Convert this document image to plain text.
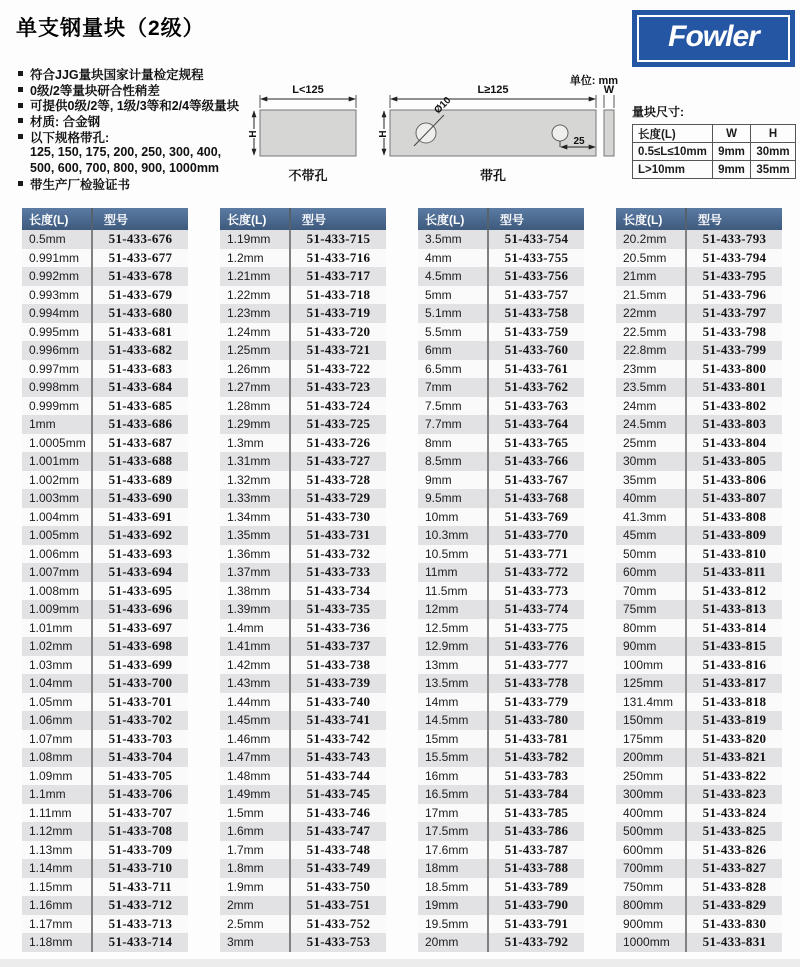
单支钢量块（2级）
符合JJG量块国家计量检定规程
0级/2等量块研合性稍差
可提供0级/2等, 1级/3等和2/4等级量块
材质: 合金钢
以下规格带孔:
125, 150, 175, 200, 250, 300, 400,
500, 600, 700, 800, 900, 1000mm
带生产厂检验证书
单位: mm
L<125
H
不带孔
L≥125
H
Ø10
25
带孔
W
Fowler
量块尺寸:
长度(L)	W	H
0.5≤L≤10mm	9mm	30mm
L>10mm	9mm	35mm
长度(L)	型号
0.5mm	51-433-676
0.991mm	51-433-677
0.992mm	51-433-678
0.993mm	51-433-679
0.994mm	51-433-680
0.995mm	51-433-681
0.996mm	51-433-682
0.997mm	51-433-683
0.998mm	51-433-684
0.999mm	51-433-685
1mm	51-433-686
1.0005mm	51-433-687
1.001mm	51-433-688
1.002mm	51-433-689
1.003mm	51-433-690
1.004mm	51-433-691
1.005mm	51-433-692
1.006mm	51-433-693
1.007mm	51-433-694
1.008mm	51-433-695
1.009mm	51-433-696
1.01mm	51-433-697
1.02mm	51-433-698
1.03mm	51-433-699
1.04mm	51-433-700
1.05mm	51-433-701
1.06mm	51-433-702
1.07mm	51-433-703
1.08mm	51-433-704
1.09mm	51-433-705
1.1mm	51-433-706
1.11mm	51-433-707
1.12mm	51-433-708
1.13mm	51-433-709
1.14mm	51-433-710
1.15mm	51-433-711
1.16mm	51-433-712
1.17mm	51-433-713
1.18mm	51-433-714
长度(L)	型号
1.19mm	51-433-715
1.2mm	51-433-716
1.21mm	51-433-717
1.22mm	51-433-718
1.23mm	51-433-719
1.24mm	51-433-720
1.25mm	51-433-721
1.26mm	51-433-722
1.27mm	51-433-723
1.28mm	51-433-724
1.29mm	51-433-725
1.3mm	51-433-726
1.31mm	51-433-727
1.32mm	51-433-728
1.33mm	51-433-729
1.34mm	51-433-730
1.35mm	51-433-731
1.36mm	51-433-732
1.37mm	51-433-733
1.38mm	51-433-734
1.39mm	51-433-735
1.4mm	51-433-736
1.41mm	51-433-737
1.42mm	51-433-738
1.43mm	51-433-739
1.44mm	51-433-740
1.45mm	51-433-741
1.46mm	51-433-742
1.47mm	51-433-743
1.48mm	51-433-744
1.49mm	51-433-745
1.5mm	51-433-746
1.6mm	51-433-747
1.7mm	51-433-748
1.8mm	51-433-749
1.9mm	51-433-750
2mm	51-433-751
2.5mm	51-433-752
3mm	51-433-753
长度(L)	型号
3.5mm	51-433-754
4mm	51-433-755
4.5mm	51-433-756
5mm	51-433-757
5.1mm	51-433-758
5.5mm	51-433-759
6mm	51-433-760
6.5mm	51-433-761
7mm	51-433-762
7.5mm	51-433-763
7.7mm	51-433-764
8mm	51-433-765
8.5mm	51-433-766
9mm	51-433-767
9.5mm	51-433-768
10mm	51-433-769
10.3mm	51-433-770
10.5mm	51-433-771
11mm	51-433-772
11.5mm	51-433-773
12mm	51-433-774
12.5mm	51-433-775
12.9mm	51-433-776
13mm	51-433-777
13.5mm	51-433-778
14mm	51-433-779
14.5mm	51-433-780
15mm	51-433-781
15.5mm	51-433-782
16mm	51-433-783
16.5mm	51-433-784
17mm	51-433-785
17.5mm	51-433-786
17.6mm	51-433-787
18mm	51-433-788
18.5mm	51-433-789
19mm	51-433-790
19.5mm	51-433-791
20mm	51-433-792
长度(L)	型号
20.2mm	51-433-793
20.5mm	51-433-794
21mm	51-433-795
21.5mm	51-433-796
22mm	51-433-797
22.5mm	51-433-798
22.8mm	51-433-799
23mm	51-433-800
23.5mm	51-433-801
24mm	51-433-802
24.5mm	51-433-803
25mm	51-433-804
30mm	51-433-805
35mm	51-433-806
40mm	51-433-807
41.3mm	51-433-808
45mm	51-433-809
50mm	51-433-810
60mm	51-433-811
70mm	51-433-812
75mm	51-433-813
80mm	51-433-814
90mm	51-433-815
100mm	51-433-816
125mm	51-433-817
131.4mm	51-433-818
150mm	51-433-819
175mm	51-433-820
200mm	51-433-821
250mm	51-433-822
300mm	51-433-823
400mm	51-433-824
500mm	51-433-825
600mm	51-433-826
700mm	51-433-827
750mm	51-433-828
800mm	51-433-829
900mm	51-433-830
1000mm	51-433-831
